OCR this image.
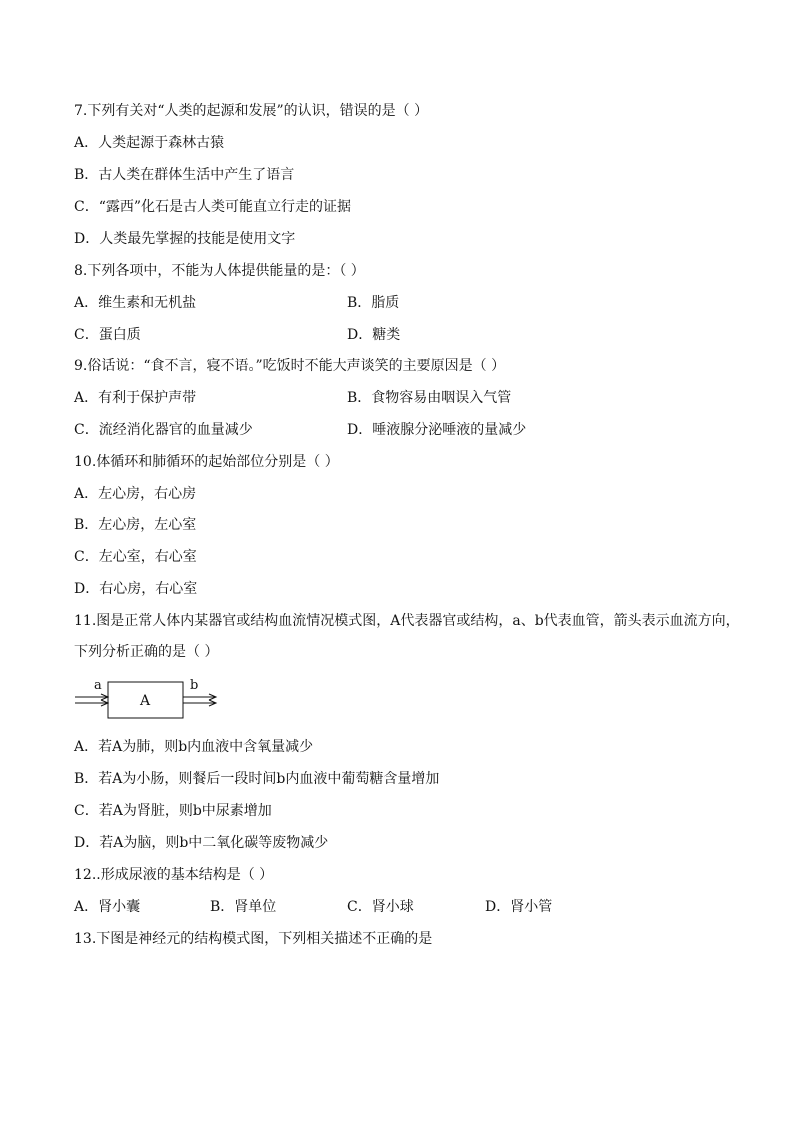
7.下列有关对“人类的起源和发展”的认识，错误的是（ ）
A．人类起源于森林古猿
B．古人类在群体生活中产生了语言
C．“露西”化石是古人类可能直立行走的证据
D．人类最先掌握的技能是使用文字
8.下列各项中，不能为人体提供能量的是：（ ）
A．维生素和无机盐	B．脂质
C．蛋白质	D．糖类
9.俗话说：“食不言，寝不语。”吃饭时不能大声谈笑的主要原因是（ ）
A．有利于保护声带	B．食物容易由咽误入气管
C．流经消化器官的血量减少	D．唾液腺分泌唾液的量减少
10.体循环和肺循环的起始部位分别是（ ）
A．左心房，右心房
B．左心房，左心室
C．左心室，右心室
D．右心房，右心室
11.图是正常人体内某器官或结构血流情况模式图，A代表器官或结构，a、b代表血管，箭头表示血流方向，
下列分析正确的是（ ）
a	b
A
A．若A为肺，则b内血液中含氧量减少
B．若A为小肠，则餐后一段时间b内血液中葡萄糖含量增加
C．若A为肾脏，则b中尿素增加
D．若A为脑，则b中二氧化碳等废物减少
12..形成尿液的基本结构是（ ）
A．肾小囊	B．肾单位	C．肾小球	D．肾小管
13.下图是神经元的结构模式图，下列相关描述不正确的是
